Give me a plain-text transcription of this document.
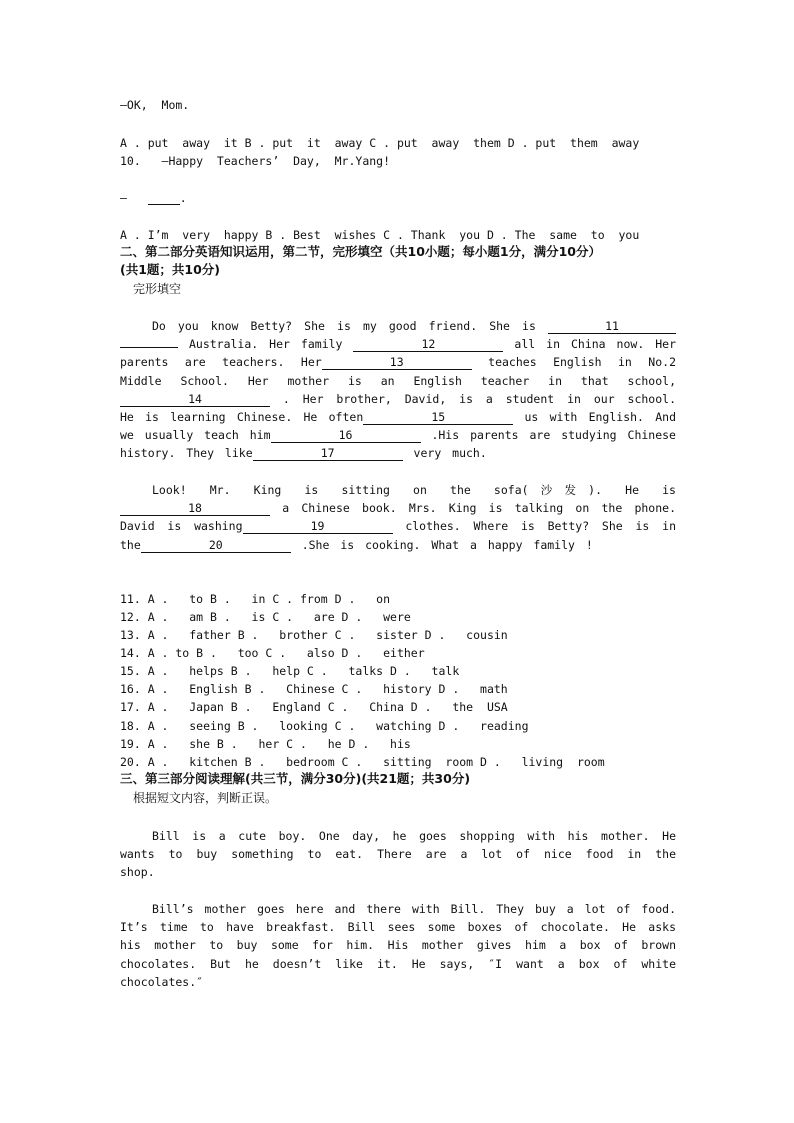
—OK,  Mom.
A . put  away  it B . put  it  away C . put  away  them D . put  them  away
10.   —Happy  Teachers’  Day,  Mr.Yang!
—	.
A . I’m  very  happy B . Best  wishes C . Thank  you D . The  same  to  you
二、第二部分英语知识运用，第二节，完形填空（共10小题；每小题1分，满分10分）
(共1题；共10分)
完形填空
Do you know Betty? She is my good friend. She is	11  Australia. Her family	12	all in China now. Her parents are teachers. Her	13	teaches English in No.2 Middle School. Her mother is an English teacher in that school, 14	. Her brother, David, is a student in our school. He is learning Chinese. He often	15	us with English. And we usually teach him	16	.His parents are studying Chinese history. They like	17	very much.
Look! Mr. King is sitting on the sofa(沙发). He is18	a Chinese book. Mrs. King is talking on the phone. David is washing	19	clothes. Where is Betty? She is in the	20	.She is cooking. What a happy family !
11. A .   to B .   in C . from D .   on
12. A .   am B .   is C .   are D .   were
13. A .   father B .   brother C .   sister D .   cousin
14. A . to B .   too C .   also D .   either
15. A .   helps B .   help C .   talks D .   talk
16. A .   English B .   Chinese C .   history D .   math
17. A .   Japan B .   England C .   China D .   the  USA
18. A .   seeing B .   looking C .   watching D .   reading
19. A .   she B .   her C .   he D .   his
20. A .   kitchen B .   bedroom C .   sitting  room D .   living  room
三、第三部分阅读理解(共三节，满分30分)(共21题；共30分)
根据短文内容，判断正误。
Bill is a cute boy. One day, he goes shopping with his mother. He wants to buy something to eat. There are a lot of nice food in the shop.
Bill’s mother goes here and there with Bill. They buy a lot of food. It’s time to have breakfast. Bill sees some boxes of chocolate. He asks his mother to buy some for him. His mother gives him a box of brown chocolates. But he doesn’t like it. He says, ″I want a box of white chocolates.″
